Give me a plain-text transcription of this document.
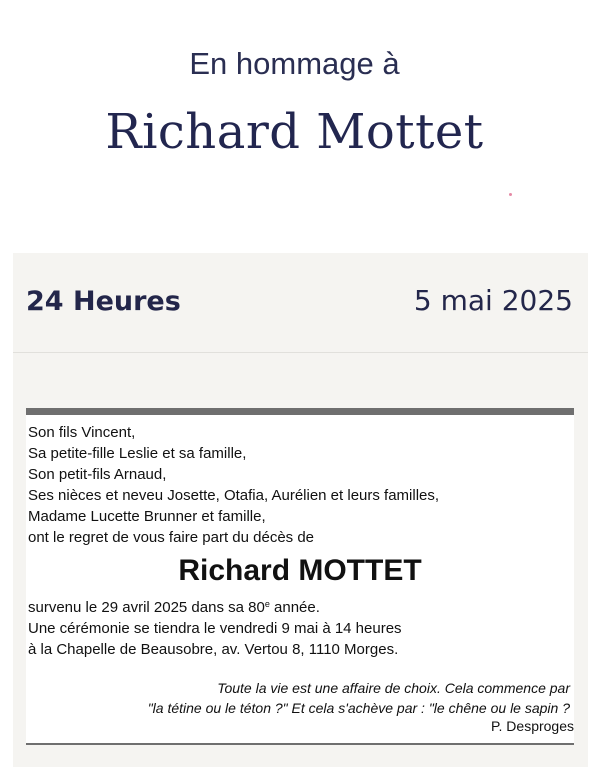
En hommage à
Richard Mottet
24 Heures	5 mai 2025
Son fils Vincent,
Sa petite-fille Leslie et sa famille,
Son petit-fils Arnaud,
Ses nièces et neveu Josette, Otafia, Aurélien et leurs familles,
Madame Lucette Brunner et famille,
ont le regret de vous faire part du décès de
Richard MOTTET
survenu le 29 avril 2025 dans sa 80e année.
Une cérémonie se tiendra le vendredi 9 mai à 14 heures
à la Chapelle de Beausobre, av. Vertou 8, 1110 Morges.
Toute la vie est une affaire de choix. Cela commence par
"la tétine ou le téton ?" Et cela s'achève par : "le chêne ou le sapin ?
P. Desproges
